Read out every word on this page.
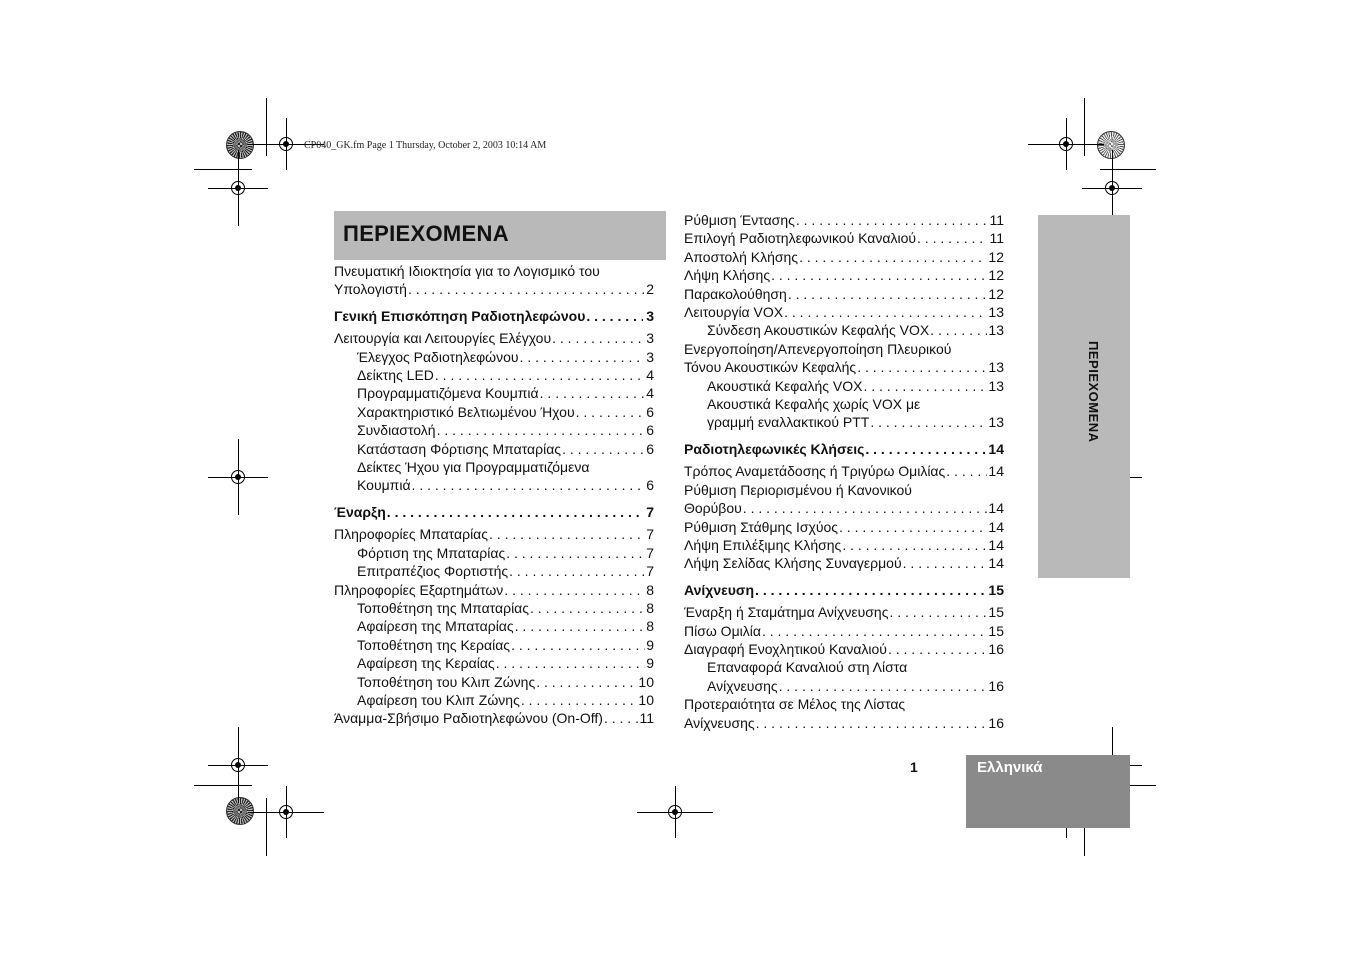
CP040_GK.fm Page 1 Thursday, October 2, 2003 10:14 AM
ΠΕΡΙΕΧΟΜΕΝΑ
Πνευματική Ιδιοκτησία για το Λογισμικό του
Υπολογιστή . . .	2
Γενική Επισκόπηση Ραδιοτηλεφώνου . . .	3
Λειτουργία και Λειτουργίες Ελέγχου . . .	3
Έλεγχος Ραδιοτηλεφώνου . . .	3
Δείκτης LED . . .	4
Προγραμματιζόμενα Κουμπιά . . .	4
Χαρακτηριστικό Βελτιωμένου Ήχου . . .	6
Συνδιαστολή . . .	6
Κατάσταση Φόρτισης Μπαταρίας . . .	6
Δείκτες Ήχου για Προγραμματιζόμενα
Κουμπιά . . .	6
Έναρξη . . .	7
Πληροφορίες Μπαταρίας . . .	7
Φόρτιση της Μπαταρίας . . .	7
Επιτραπέζιος Φορτιστής . . .	7
Πληροφορίες Εξαρτημάτων . . .	8
Τοποθέτηση της Μπαταρίας . . .	8
Αφαίρεση της Μπαταρίας . . .	8
Τοποθέτηση της Κεραίας . . .	9
Αφαίρεση της Κεραίας . . .	9
Τοποθέτηση του Κλιπ Ζώνης . . .	10
Αφαίρεση του Κλιπ Ζώνης . . .	10
Άναμμα-Σβήσιμο Ραδιοτηλεφώνου (On-Off) . . .	11
Ρύθμιση Έντασης . . .	11
Επιλογή Ραδιοτηλεφωνικού Καναλιού . . .	11
Αποστολή Κλήσης . . .	12
Λήψη Κλήσης . . .	12
Παρακολούθηση . . .	12
Λειτουργία VOX . . .	13
Σύνδεση Ακουστικών Κεφαλής VOX . . .	13
Ενεργοποίηση/Απενεργοποίηση Πλευρικού
Τόνου Ακουστικών Κεφαλής . . .	13
Ακουστικά Κεφαλής VOX . . .	13
Ακουστικά Κεφαλής χωρίς VOX με
γραμμή εναλλακτικού PTT . . .	13
Ραδιοτηλεφωνικές Κλήσεις . . .	14
Τρόπος Αναμετάδοσης ή Τριγύρω Ομιλίας . . .	14
Ρύθμιση Περιορισμένου ή Κανονικού
Θορύβου . . .	14
Ρύθμιση Στάθμης Ισχύος . . .	14
Λήψη Επιλέξιμης Κλήσης . . .	14
Λήψη Σελίδας Κλήσης Συναγερμού . . .	14
Ανίχνευση . . .	15
Έναρξη ή Σταμάτημα Ανίχνευσης . . .	15
Πίσω Ομιλία . . .	15
Διαγραφή Ενοχλητικού Καναλιού . . .	16
Επαναφορά Καναλιού στη Λίστα
Ανίχνευσης . . .	16
Προτεραιότητα σε Μέλος της Λίστας
Ανίχνευσης . . .	16
ΠΕΡΙΕΧΟΜΕΝΑ
1	Ελληνικά
